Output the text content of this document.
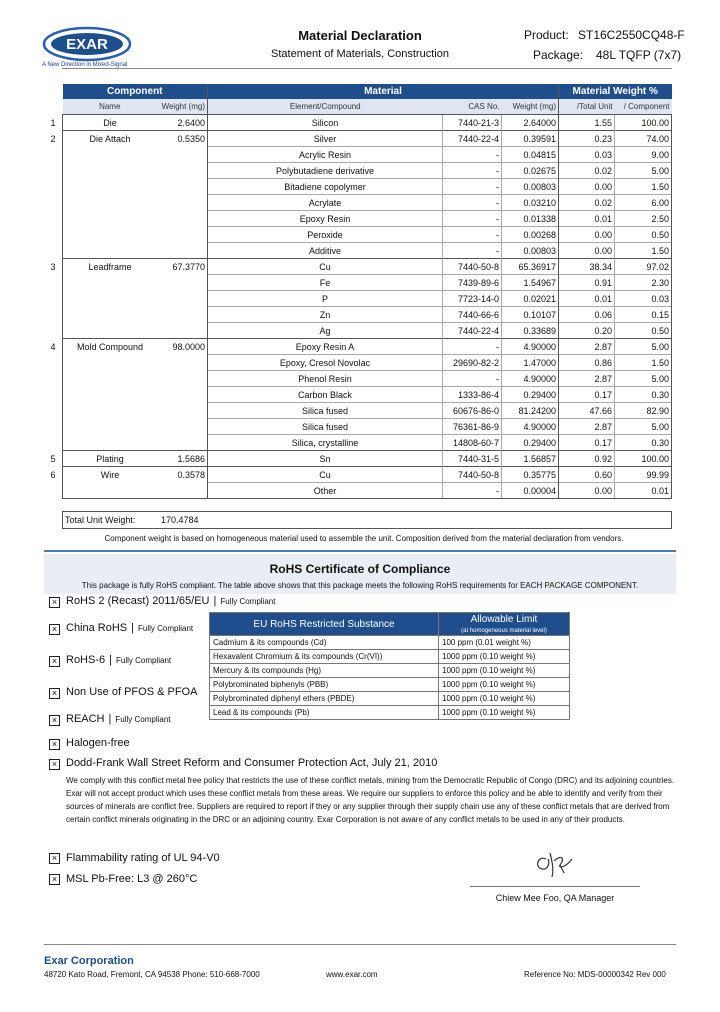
EXAR
A New Direction in Mixed-Signal
Material Declaration
Statement of Materials, Construction
Product: ST16C2550CQ48-F
Package: 48L TQFP (7x7)
	Component		Material			Material Weight %	
	Name	Weight (mg)	Element/Compound	CAS No.	Weight (mg)	/Total Unit	/ Component
1	Die	2.6400	Silicon	7440-21-3	2.64000	1.55	100.00
2	Die Attach	0.5350	Silver	7440-22-4	0.39591	0.23	74.00
			Acrylic Resin	-	0.04815	0.03	9.00
			Polybutadiene derivative	-	0.02675	0.02	5.00
			Bitadiene copolymer	-	0.00803	0.00	1.50
			Acrylate	-	0.03210	0.02	6.00
			Epoxy Resin	-	0.01338	0.01	2.50
			Peroxide	-	0.00268	0.00	0.50
			Additive	-	0.00803	0.00	1.50
3	Leadframe	67.3770	Cu	7440-50-8	65.36917	38.34	97.02
			Fe	7439-89-6	1.54967	0.91	2.30
			P	7723-14-0	0.02021	0.01	0.03
			Zn	7440-66-6	0.10107	0.06	0.15
			Ag	7440-22-4	0.33689	0.20	0.50
4	Mold Compound	98.0000	Epoxy Resin A	-	4.90000	2.87	5.00
			Epoxy, Cresol Novolac	29690-82-2	1.47000	0.86	1.50
			Phenol Resin	-	4.90000	2.87	5.00
			Carbon Black	1333-86-4	0.29400	0.17	0.30
			Silica fused	60676-86-0	81.24200	47.66	82.90
			Silica fused	76361-86-9	4.90000	2.87	5.00
			Silica, crystalline	14808-60-7	0.29400	0.17	0.30
5	Plating	1.5686	Sn	7440-31-5	1.56857	0.92	100.00
6	Wire	0.3578	Cu	7440-50-8	0.35775	0.60	99.99
			Other	-	0.00004	0.00	0.01
Total Unit Weight:	170.4784
Component weight is based on homogeneous material used to assemble the unit. Composition derived from the material declaration from vendors.
RoHS Certificate of Compliance
This package is fully RoHS compliant. The table above shows that this package meets the following RoHS requirements for EACH PACKAGE COMPONENT.
× RoHS 2 (Recast) 2011/65/EU | Fully Compliant
× China RoHS | Fully Compliant
× RoHS-6 | Fully Compliant
× Non Use of PFOS & PFOA
× REACH | Fully Compliant
× Halogen-free
× Dodd-Frank Wall Street Reform and Consumer Protection Act, July 21, 2010
EU RoHS Restricted Substance	Allowable Limit
	(at homogeneous material level)
Cadmium & its compounds (Cd)	100 ppm (0.01 weight %)
Hexavalent Chromium & its compounds (Cr(VI))	1000 ppm (0.10 weight %)
Mercury & its compounds (Hg)	1000 ppm (0.10 weight %)
Polybrominated biphenyls (PBB)	1000 ppm (0.10 weight %)
Polybrominated diphenyl ethers (PBDE)	1000 ppm (0.10 weight %)
Lead & its compounds (Pb)	1000 ppm (0.10 weight %)
We comply with this conflict metal free policy that restricts the use of these conflict metals, mining from the Democratic Republic of Congo (DRC) and its adjoining countries. Exar will not accept product which uses these conflict metals from these areas. We require our suppliers to enforce this policy and be able to identify and verify from their sources of minerals are conflict free. Suppliers are required to report if they or any supplier through their supply chain use any of these conflict metals that are derived from certain conflict minerals originating in the DRC or an adjoining country. Exar Corporation is not aware of any conflict metals to be used in any of their products.
× Flammability rating of UL 94-V0
× MSL Pb-Free: L3 @ 260°C
Chiew Mee Foo, QA Manager
Exar Corporation
48720 Kato Road, Fremont, CA 94538 Phone: 510-668-7000	www.exar.com	Reference No: MDS-00000342 Rev 000
